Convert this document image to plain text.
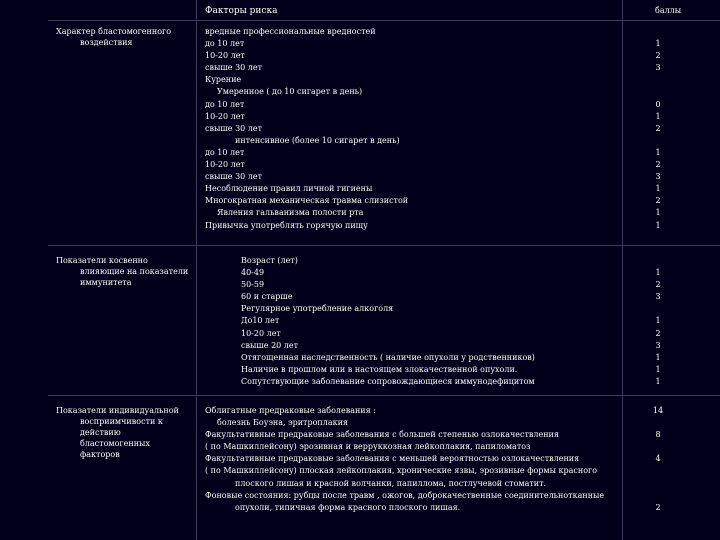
Факторы риска	баллы
Характер бластомогенного
воздействия
вредные профессиональные вредностей
до 10 лет
10-20 лет
свыше 30 лет
Курение
Умеренное ( до 10 сигарет в день)
до 10 лет
10-20 лет
свыше 30 лет
интенсивное (более 10 сигарет в день)
до 10 лет
10-20 лет
свыше 30 лет
Несоблюдение правил личной гигиены
Многократная механическая травма слизистой
Явления гальванизма полости рта
Привычка употреблять горячую пищу

1
2
3

0
1
2

1
2
3
1
2
1
1
Показатели косвенно
влияющие на показатели
иммунитета
Возраст (лет)
40-49
50-59
60 и старше
Регулярное употребление алкоголя
До10 лет
10-20 лет
свыше 20 лет
Отягощенная наследственность ( наличие опухоли у родственников)
Наличие в прошлом или в настоящем злокачественной опухоли.
Сопутствующие заболевание сопровождающиеся иммунодефицитом

1
2
3

1
2
3
1
1
1
Показатели индивидуальной
восприимчивости к
действию
бластомогенных
факторов
Облигатные предраковые заболевания :
болезнь Боуэна, эритроплакия
Факультативные предраковые заболевания с большей степенью озлокачествления
( по Машкиллейсону) эрозивная и верруккозная лейкоплакия, папиломатоз
Факультативные предраковые заболевания с меньшей вероятностью озлокачествления
( по Машкиллейсону) плоская лейкоплакия, хронические язвы, эрозивные формы красного
плоского лишая и красной волчанки, папиллома, постлучевой стоматит.
Фоновые состояния: рубцы после травм , ожогов, доброкачественные соединительнотканные
опухоли, типичная форма красного плоского лишая.
14

8

4

2
